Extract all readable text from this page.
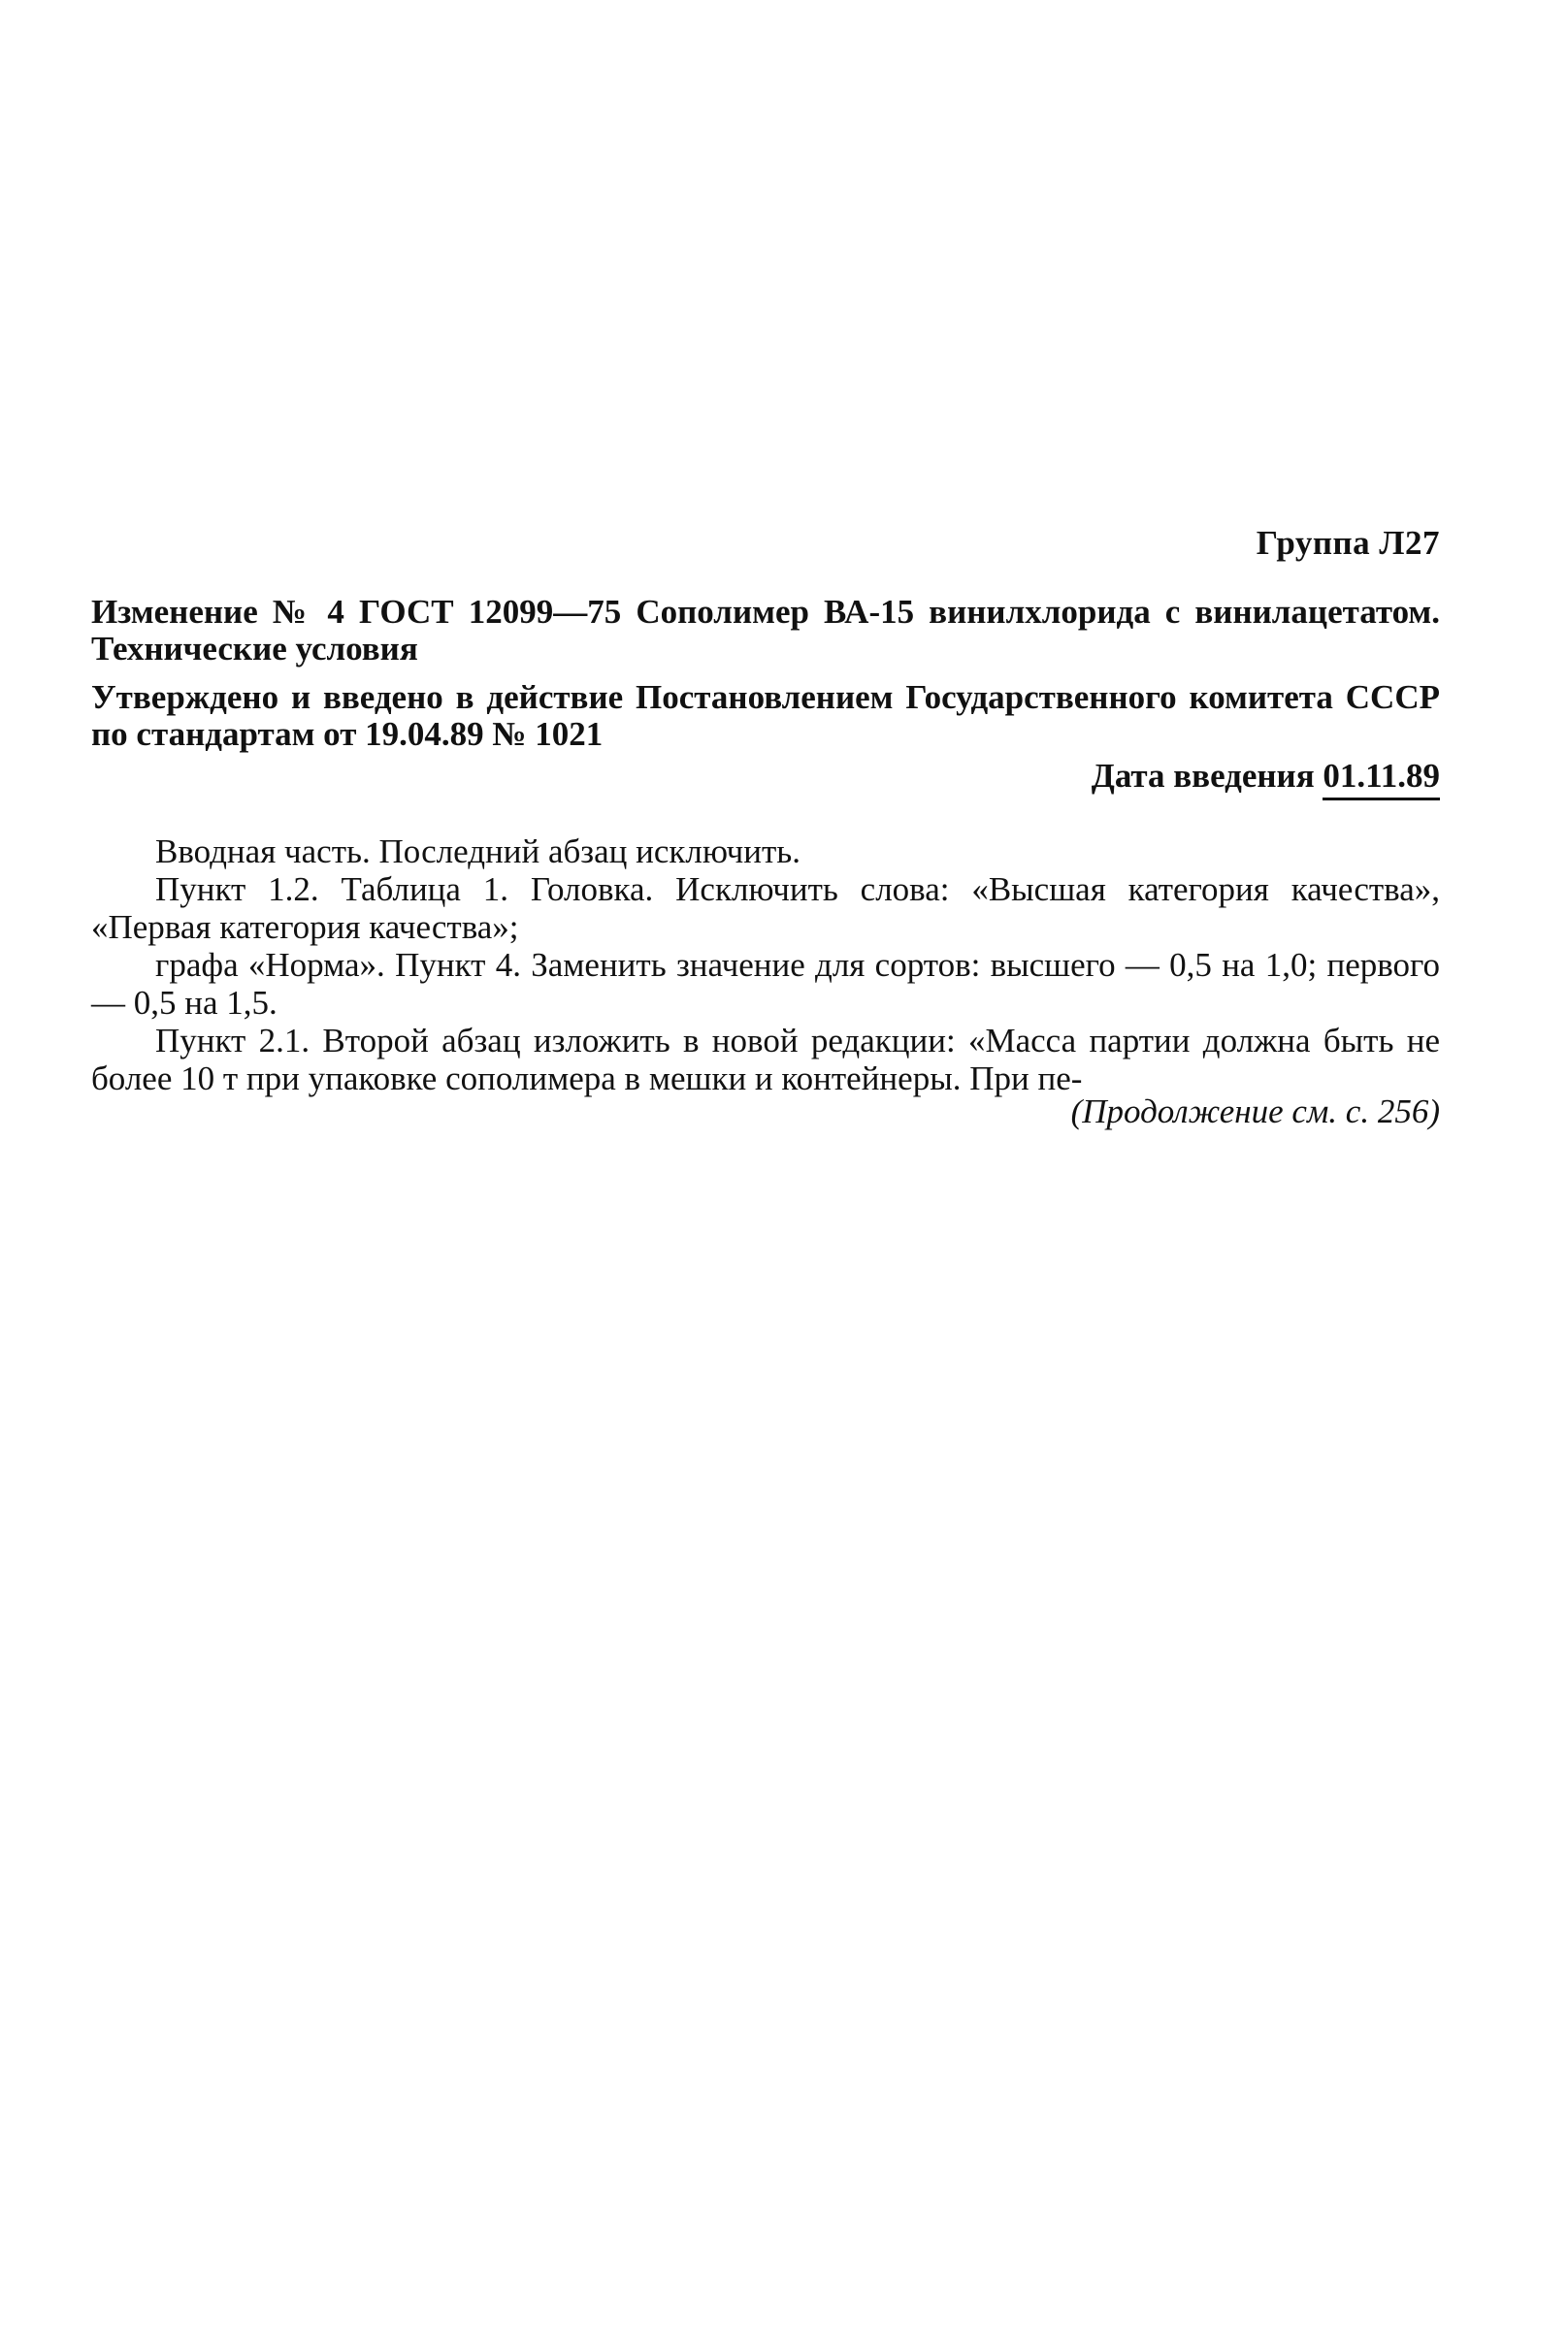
Группа Л27

Изменение № 4 ГОСТ 12099—75 Сополимер ВА-15 винилхлорида с винилацетатом. Технические условия

Утверждено и введено в действие Постановлением Государственного комитета СССР по стандартам от 19.04.89 № 1021

Дата введения 01.11.89

Вводная часть. Последний абзац исключить.

Пункт 1.2. Таблица 1. Головка. Исключить слова: «Высшая категория качества», «Первая категория качества»;

графа «Норма». Пункт 4. Заменить значение для сортов: высшего — 0,5 на 1,0; первого — 0,5 на 1,5.

Пункт 2.1. Второй абзац изложить в новой редакции: «Масса партии должна быть не более 10 т при упаковке сополимера в мешки и контейнеры. При пе-

(Продолжение см. с. 256)
